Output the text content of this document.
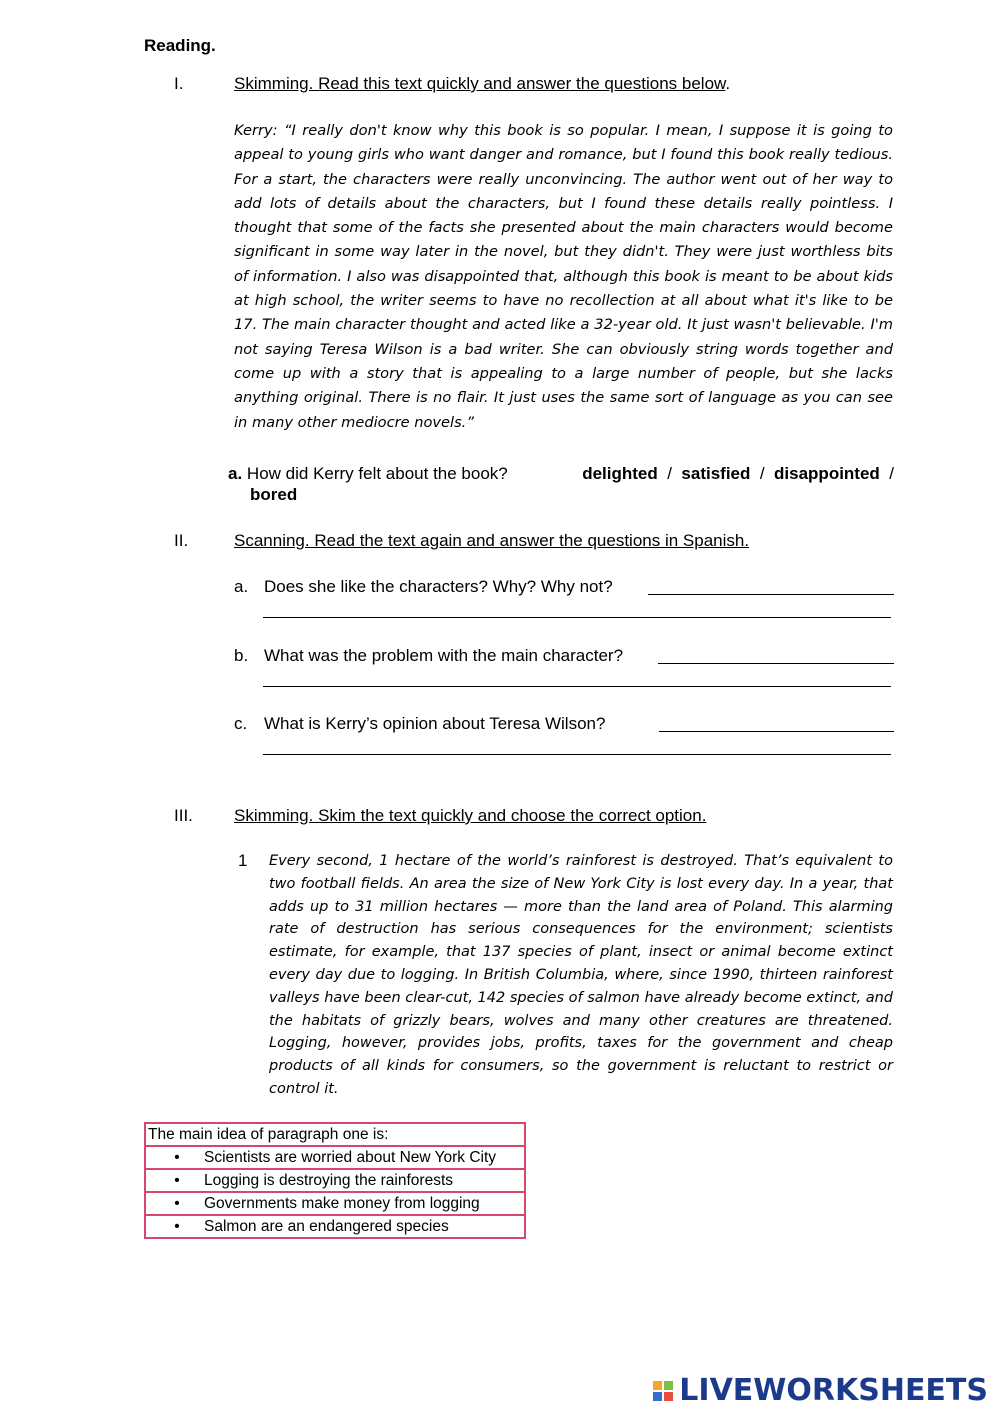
Reading.
I.	Skimming. Read this text quickly and answer the questions below.
Kerry: “I really don't know why this book is so popular. I mean, I suppose it is going to appeal to young girls who want danger and romance, but I found this book really tedious. For a start, the characters were really unconvincing. The author went out of her way to add lots of details about the characters, but I found these details really pointless. I thought that some of the facts she presented about the main characters would become significant in some way later in the novel, but they didn't. They were just worthless bits of information. I also was disappointed that, although this book is meant to be about kids at high school, the writer seems to have no recollection at all about what it's like to be 17. The main character thought and acted like a 32-year old. It just wasn't believable. I'm not saying Teresa Wilson is a bad writer. She can obviously string words together and come up with a story that is appealing to a large number of people, but she lacks anything original. There is no flair. It just uses the same sort of language as you can see in many other mediocre novels.”
a. How did Kerry felt about the book?	delighted / satisfied / disappointed /
bored
II.	Scanning. Read the text again and answer the questions in Spanish.
a. Does she like the characters? Why? Why not?
b. What was the problem with the main character?
c. What is Kerry’s opinion about Teresa Wilson?
III. Skimming. Skim the text quickly and choose the correct option.
1 Every second, 1 hectare of the world’s rainforest is destroyed. That’s equivalent to two football fields. An area the size of New York City is lost every day. In a year, that adds up to 31 million hectares — more than the land area of Poland. This alarming rate of destruction has serious consequences for the environment; scientists estimate, for example, that 137 species of plant, insect or animal become extinct every day due to logging. In British Columbia, where, since 1990, thirteen rainforest valleys have been clear-cut, 142 species of salmon have already become extinct, and the habitats of grizzly bears, wolves and many other creatures are threatened. Logging, however, provides jobs, profits, taxes for the government and cheap products of all kinds for consumers, so the government is reluctant to restrict or control it.
The main idea of paragraph one is:
• Scientists are worried about New York City
• Logging is destroying the rainforests
• Governments make money from logging
• Salmon are an endangered species
LIVEWORKSHEETS
